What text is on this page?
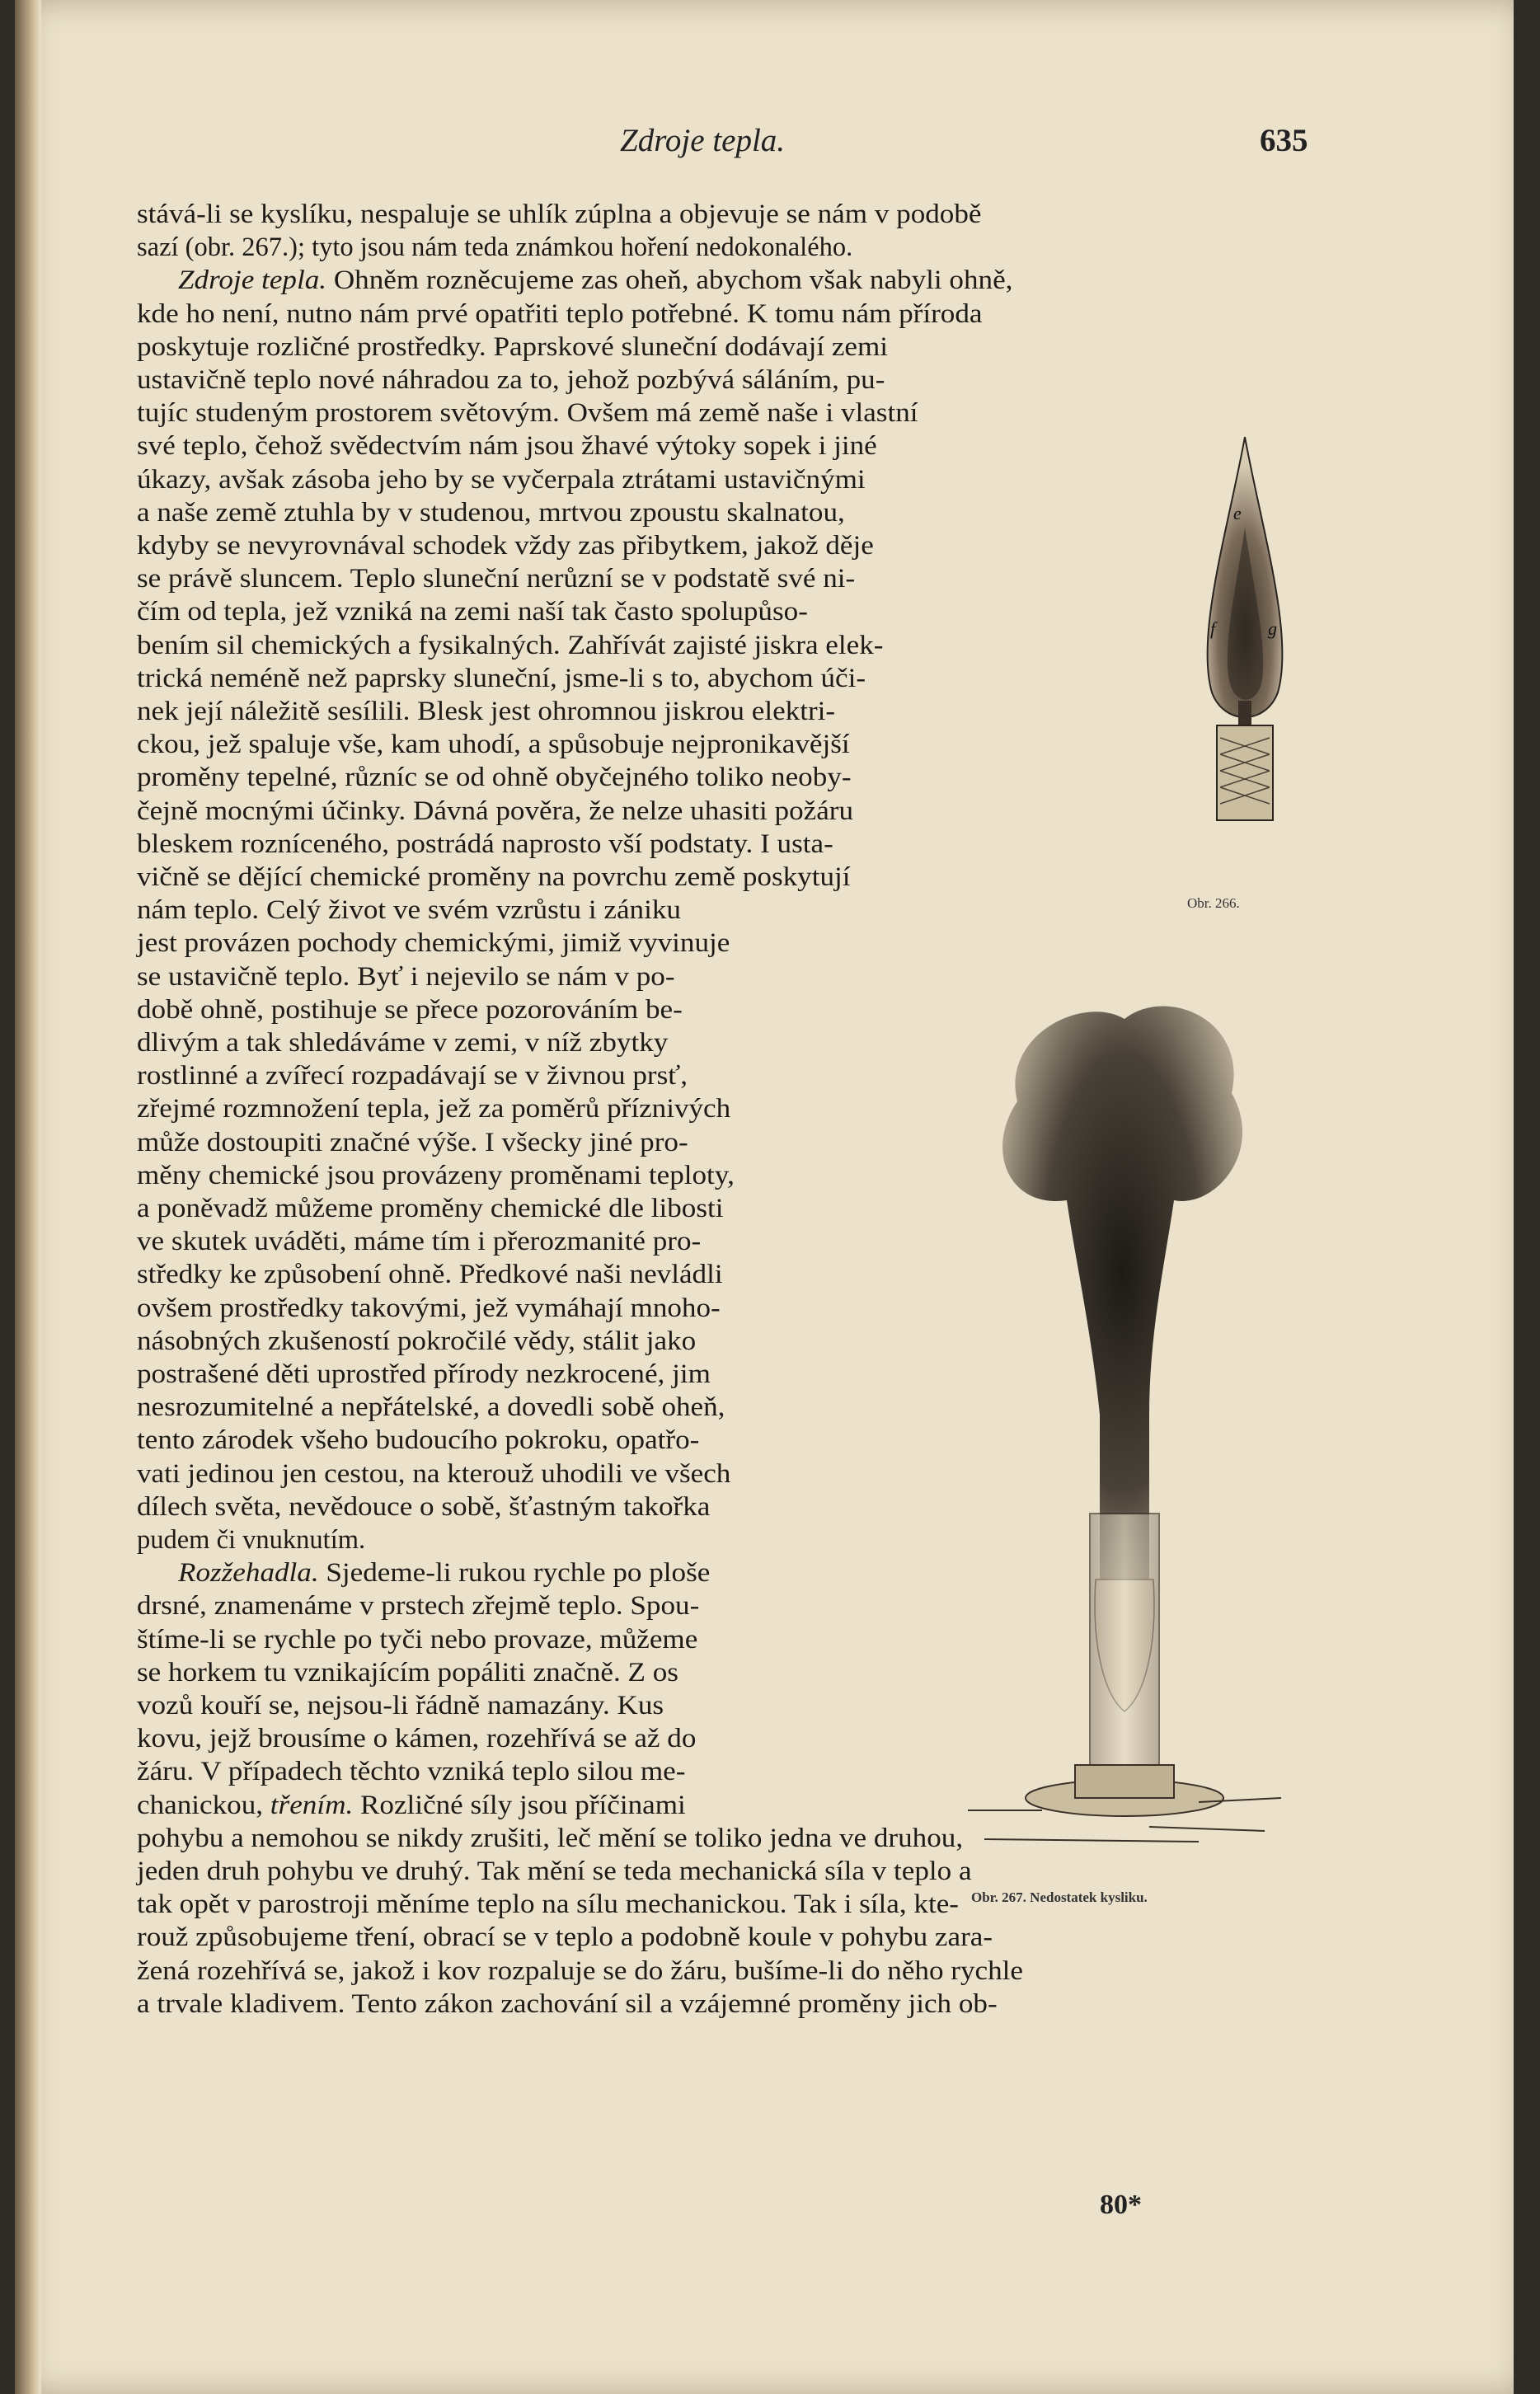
Zdroje tepla.	635
stává-li se kyslíku, nespaluje se uhlík zúplna a objevuje se nám v podobě
sazí (obr. 267.); tyto jsou nám teda známkou hoření nedokonalého.
Zdroje tepla. Ohněm rozněcujeme zas oheň, abychom však nabyli ohně,
kde ho není, nutno nám prvé opatřiti teplo potřebné. K tomu nám příroda
poskytuje rozličné prostředky. Paprskové sluneční dodávají zemi
ustavičně teplo nové náhradou za to, jehož pozbývá sáláním, pu-
tujíc studeným prostorem světovým. Ovšem má země naše i vlastní
své teplo, čehož svědectvím nám jsou žhavé výtoky sopek i jiné
úkazy, avšak zásoba jeho by se vyčerpala ztrátami ustavičnými
a naše země ztuhla by v studenou, mrtvou zpoustu skalnatou,
kdyby se nevyrovnával schodek vždy zas přibytkem, jakož děje
se právě sluncem. Teplo sluneční nerůzní se v podstatě své ni-
čím od tepla, jež vzniká na zemi naší tak často spolupůso-
bením sil chemických a fysikalných. Zahřívát zajisté jiskra elek-
trická neméně než paprsky sluneční, jsme-li s to, abychom úči-
nek její náležitě sesílili. Blesk jest ohromnou jiskrou elektri-
ckou, jež spaluje vše, kam uhodí, a spůsobuje nejpronikavější
proměny tepelné, různíc se od ohně obyčejného toliko neoby-
čejně mocnými účinky. Dávná pověra, že nelze uhasiti požáru
bleskem rozníceného, postrádá naprosto vší podstaty. I usta-
vičně se dějící chemické proměny na povrchu země poskytují
nám teplo. Celý život ve svém vzrůstu i zániku
jest provázen pochody chemickými, jimiž vyvinuje
se ustavičně teplo. Byť i nejevilo se nám v po-
době ohně, postihuje se přece pozorováním be-
dlivým a tak shledáváme v zemi, v níž zbytky
rostlinné a zvířecí rozpadávají se v živnou prsť,
zřejmé rozmnožení tepla, jež za poměrů příznivých
může dostoupiti značné výše. I všecky jiné pro-
měny chemické jsou provázeny proměnami teploty,
a poněvadž můžeme proměny chemické dle libosti
ve skutek uváděti, máme tím i přerozmanité pro-
středky ke způsobení ohně. Předkové naši nevládli
ovšem prostředky takovými, jež vymáhají mnoho-
násobných zkušeností pokročilé vědy, stálit jako
postrašené děti uprostřed přírody nezkrocené, jim
nesrozumitelné a nepřátelské, a dovedli sobě oheň,
tento zárodek všeho budoucího pokroku, opatřo-
vati jedinou jen cestou, na kterouž uhodili ve všech
dílech světa, nevědouce o sobě, šťastným takořka
pudem či vnuknutím.
Rozžehadla. Sjedeme-li rukou rychle po ploše
drsné, znamenáme v prstech zřejmě teplo. Spou-
štíme-li se rychle po tyči nebo provaze, můžeme
se horkem tu vznikajícím popáliti značně. Z os
vozů kouří se, nejsou-li řádně namazány. Kus
kovu, jejž brousíme o kámen, rozehřívá se až do
žáru. V případech těchto vzniká teplo silou me-
chanickou, třením. Rozličné síly jsou příčinami
pohybu a nemohou se nikdy zrušiti, leč mění se toliko jedna ve druhou,
jeden druh pohybu ve druhý. Tak mění se teda mechanická síla v teplo a
tak opět v parostroji měníme teplo na sílu mechanickou. Tak i síla, kte-
rouž způsobujeme tření, obrací se v teplo a podobně koule v pohybu zara-
žená rozehřívá se, jakož i kov rozpaluje se do žáru, bušíme-li do něho rychle
a trvale kladivem. Tento zákon zachování sil a vzájemné proměny jich ob-
e
f	g
Obr. 266.
Obr. 267. Nedostatek kysliku.
80*
